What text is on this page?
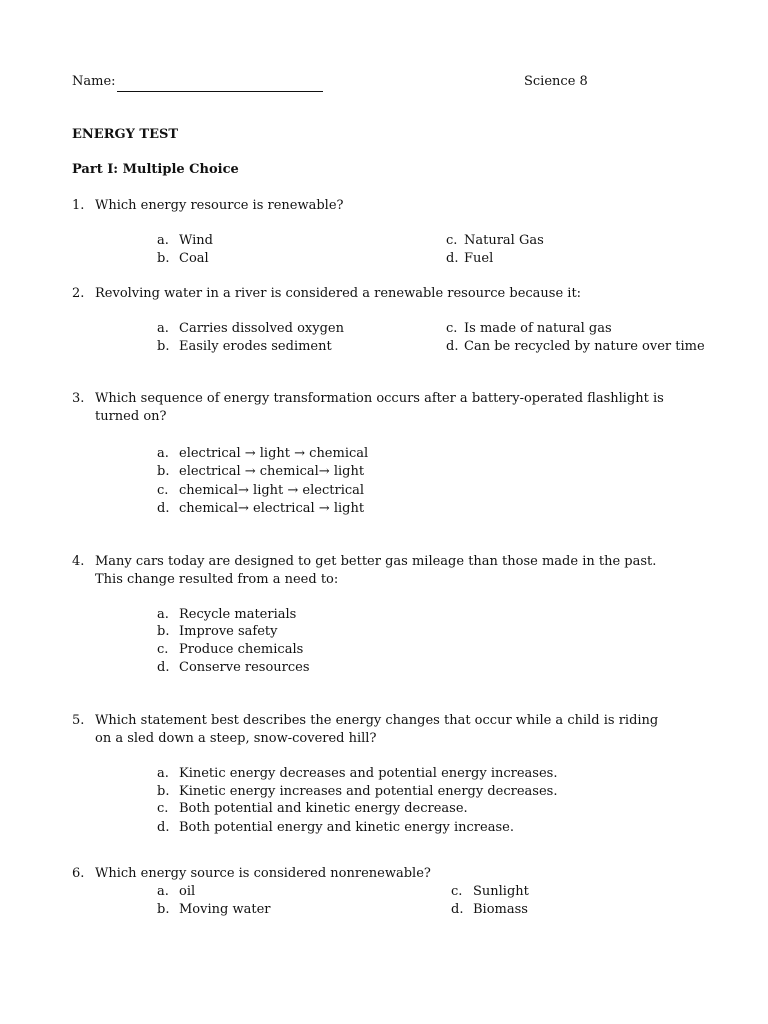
Name:	Science 8
ENERGY TEST
Part I: Multiple Choice
1. Which energy resource is renewable?
a. Wind
b. Coal
c. Natural Gas
d. Fuel
2. Revolving water in a river is considered a renewable resource because it:
a. Carries dissolved oxygen
b. Easily erodes sediment
c. Is made of natural gas
d. Can be recycled by nature over time
3. Which sequence of energy transformation occurs after a battery-operated flashlight is
turned on?
a. electrical → light → chemical
b. electrical → chemical→ light
c. chemical→ light → electrical
d. chemical→ electrical → light
4. Many cars today are designed to get better gas mileage than those made in the past.
This change resulted from a need to:
a. Recycle materials
b. Improve safety
c. Produce chemicals
d. Conserve resources
5. Which statement best describes the energy changes that occur while a child is riding
on a sled down a steep, snow-covered hill?
a. Kinetic energy decreases and potential energy increases.
b. Kinetic energy increases and potential energy decreases.
c. Both potential and kinetic energy decrease.
d. Both potential energy and kinetic energy increase.
6. Which energy source is considered nonrenewable?
a. oil
b. Moving water
c. Sunlight
d. Biomass
